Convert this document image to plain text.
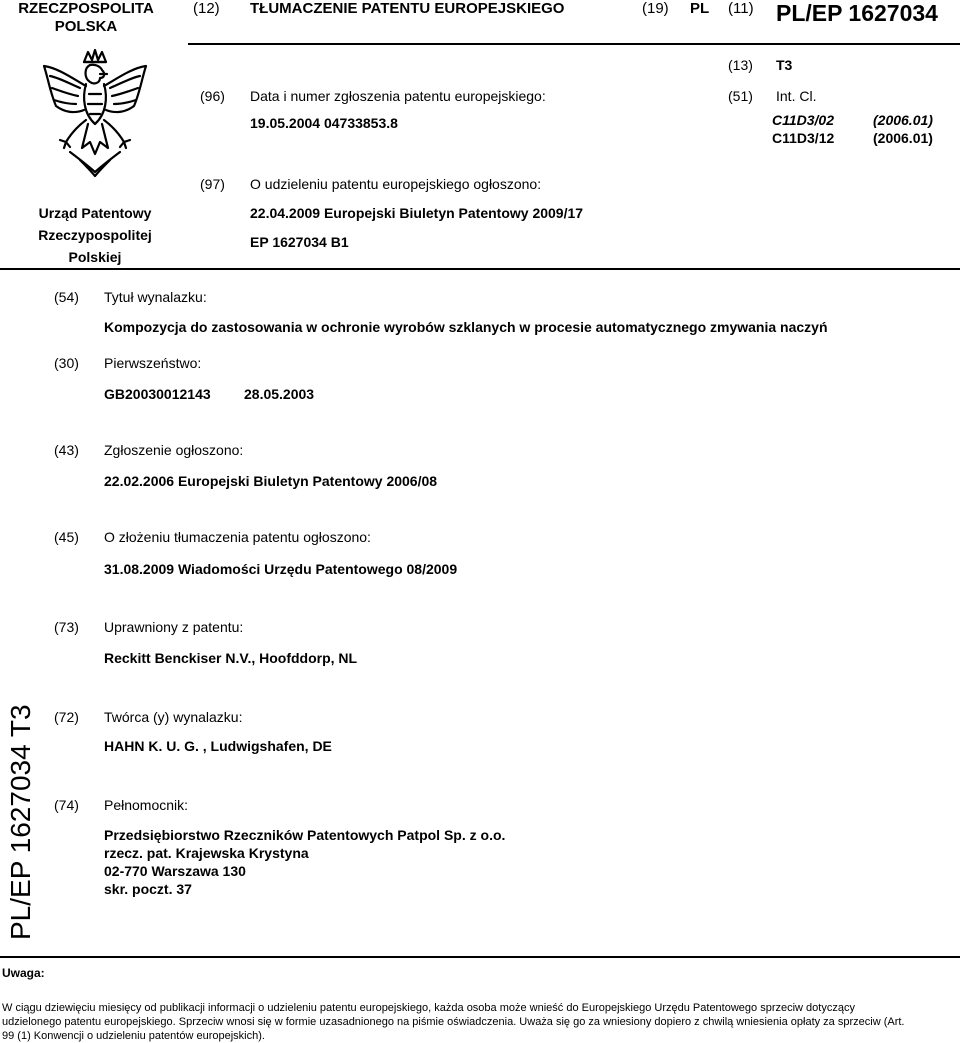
RZECZPOSPOLITA
POLSKA
(12) TŁUMACZENIE PATENTU EUROPEJSKIEGO	(19) PL (11) PL/EP 1627034
(13) T3
Urząd Patentowy
Rzeczypospolitej
Polskiej
(96) Data i numer zgłoszenia patentu europejskiego:
19.05.2004 04733853.8
(51) Int. Cl.
C11D3/02	(2006.01)
C11D3/12	(2006.01)
(97) O udzieleniu patentu europejskiego ogłoszono:
22.04.2009 Europejski Biuletyn Patentowy 2009/17
EP 1627034 B1
(54) Tytuł wynalazku:
Kompozycja do zastosowania w ochronie wyrobów szklanych w procesie automatycznego zmywania naczyń
(30) Pierwszeństwo:
GB20030012143 28.05.2003
(43) Zgłoszenie ogłoszono:
22.02.2006 Europejski Biuletyn Patentowy 2006/08
(45) O złożeniu tłumaczenia patentu ogłoszono:
31.08.2009 Wiadomości Urzędu Patentowego 08/2009
(73) Uprawniony z patentu:
Reckitt Benckiser N.V., Hoofddorp, NL
PL/EP 1627034 T3 (72) Twórca (y) wynalazku:
HAHN K. U. G. , Ludwigshafen, DE
(74) Pełnomocnik:
Przedsiębiorstwo Rzeczników Patentowych Patpol Sp. z o.o.
rzecz. pat. Krajewska Krystyna
02-770 Warszawa 130
skr. poczt. 37
Uwaga:
W ciągu dziewięciu miesięcy od publikacji informacji o udzieleniu patentu europejskiego, każda osoba może wnieść do Europejskiego Urzędu Patentowego sprzeciw dotyczący udzielonego patentu europejskiego. Sprzeciw wnosi się w formie uzasadnionego na piśmie oświadczenia. Uważa się go za wniesiony dopiero z chwilą wniesienia opłaty za sprzeciw (Art. 99 (1) Konwencji o udzieleniu patentów europejskich).
